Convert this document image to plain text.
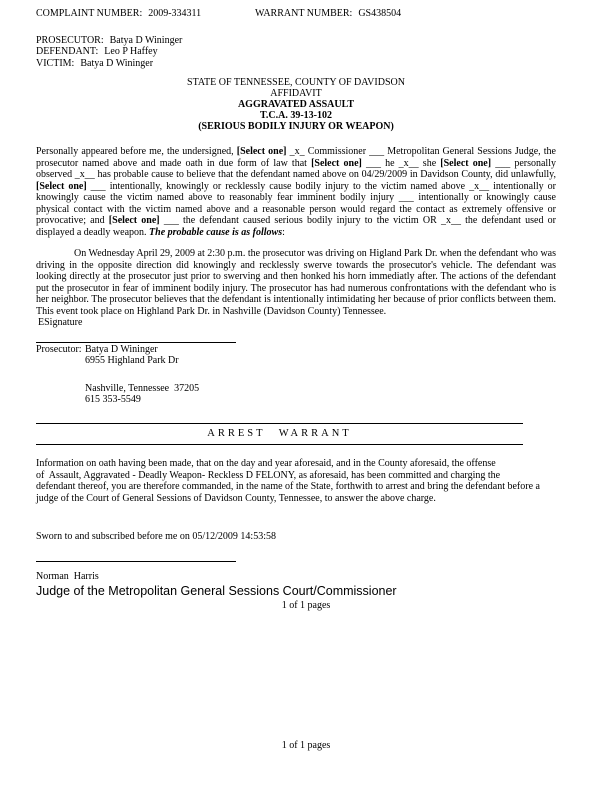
COMPLAINT NUMBER: 2009-334311	WARRANT NUMBER: GS438504
PROSECUTOR: Batya D Wininger
DEFENDANT: Leo P Haffey
VICTIM: Batya D Wininger
STATE OF TENNESSEE, COUNTY OF DAVIDSON
AFFIDAVIT
AGGRAVATED ASSAULT
T.C.A. 39-13-102
(SERIOUS BODILY INJURY OR WEAPON)
Personally appeared before me, the undersigned, [Select one] _x_ Commissioner ___ Metropolitan General Sessions Judge, the prosecutor named above and made oath in due form of law that [Select one] ___ he _x__ she [Select one] ___ personally observed _x__ has probable cause to believe that the defendant named above on 04/29/2009 in Davidson County, did unlawfully, [Select one] ___ intentionally, knowingly or recklessly cause bodily injury to the victim named above _x__ intentionally or knowingly cause the victim named above to reasonably fear imminent bodily injury ___ intentionally or knowingly cause physical contact with the victim named above and a reasonable person would regard the contact as extremely offensive or provocative; and [Select one] ___ the defendant caused serious bodily injury to the victim OR _x__ the defendant used or displayed a deadly weapon. The probable cause is as follows:

On Wednesday April 29, 2009 at 2:30 p.m. the prosecutor was driving on Higland Park Dr. when the defendant who was driving in the opposite direction did knowingly and recklessly swerve towards the prosecutor's vehicle. The defendant was looking directly at the prosecutor just prior to swerving and then honked his horn immediatly after. The actions of the defendant put the prosecutor in fear of imminent bodily injury. The prosecutor has had numerous confrontations with the defendant who is her neighbor. The prosecutor believes that the defendant is intentionally intimidating her because of prior conflicts between them. This event took place on Highland Park Dr. in Nashville (Davidson County) Tennessee.

ESignature
Prosecutor: Batya D Wininger
6955 Highland Park Dr
Nashville, Tennessee  37205
615 353-5549
ARREST WARRANT
Information on oath having been made, that on the day and year aforesaid, and in the County aforesaid, the offense
of  Assault, Aggravated - Deadly Weapon- Reckless D FELONY, as aforesaid, has been committed and charging the
defendant thereof, you are therefore commanded, in the name of the State, forthwith to arrest and bring the defendant before a
judge of the Court of General Sessions of Davidson County, Tennessee, to answer the above charge.
Sworn to and subscribed before me on 05/12/2009 14:53:58
Norman  Harris
Judge of the Metropolitan General Sessions Court/Commissioner
1 of 1 pages
1 of 1 pages
